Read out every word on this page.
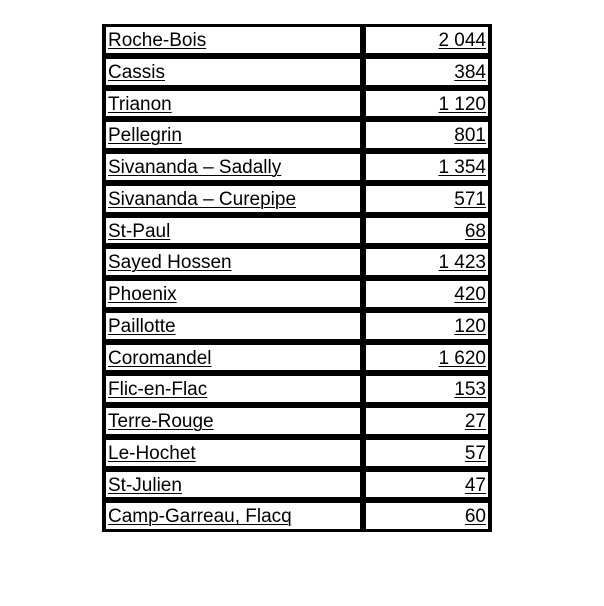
Roche-Bois	2 044
Cassis	384
Trianon	1 120
Pellegrin	801
Sivananda – Sadally	1 354
Sivananda – Curepipe	571
St-Paul	68
Sayed Hossen	1 423
Phoenix	420
Paillotte	120
Coromandel	1 620
Flic-en-Flac	153
Terre-Rouge	27
Le-Hochet	57
St-Julien	47
Camp-Garreau, Flacq	60
